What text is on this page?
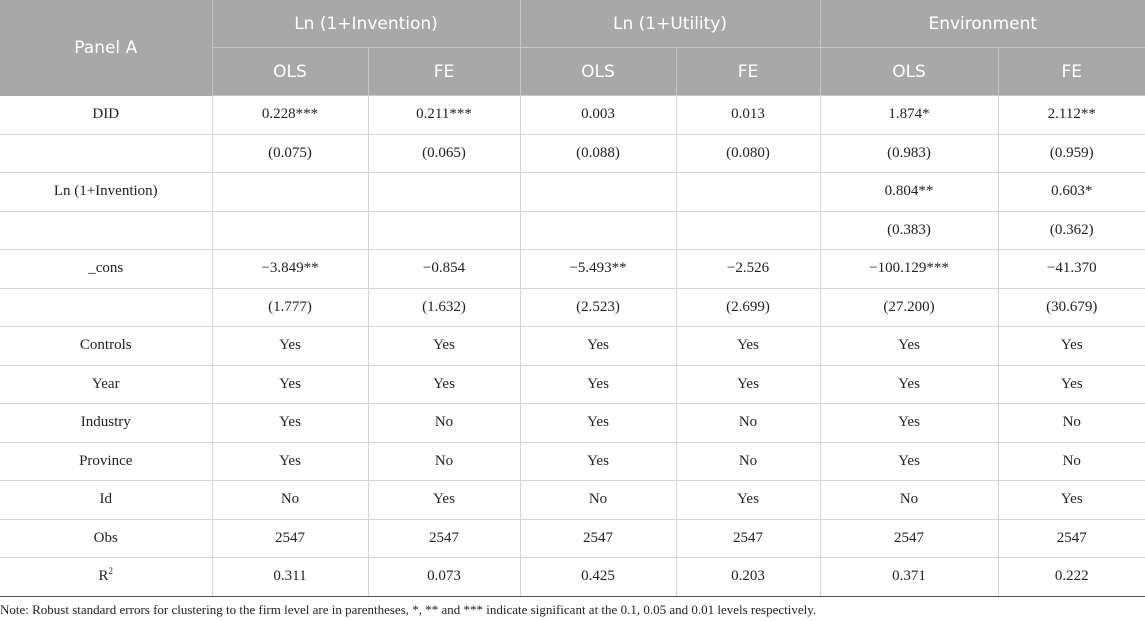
Panel A	Ln (1+Invention)		Ln (1+Utility)		Environment	
	OLS	FE	OLS	FE	OLS	FE
DID	0.228***	0.211***	0.003	0.013	1.874*	2.112**
	(0.075)	(0.065)	(0.088)	(0.080)	(0.983)	(0.959)
Ln (1+Invention)					0.804**	0.603*
					(0.383)	(0.362)
_cons	−3.849**	−0.854	−5.493**	−2.526	−100.129***	−41.370
	(1.777)	(1.632)	(2.523)	(2.699)	(27.200)	(30.679)
Controls	Yes	Yes	Yes	Yes	Yes	Yes
Year	Yes	Yes	Yes	Yes	Yes	Yes
Industry	Yes	No	Yes	No	Yes	No
Province	Yes	No	Yes	No	Yes	No
Id	No	Yes	No	Yes	No	Yes
Obs	2547	2547	2547	2547	2547	2547
$R^2$	0.311	0.073	0.425	0.203	0.371	0.222
Note: Robust standard errors for clustering to the firm level are in parentheses, *, ** and *** indicate significant at the 0.1, 0.05 and 0.01 levels respectively.
